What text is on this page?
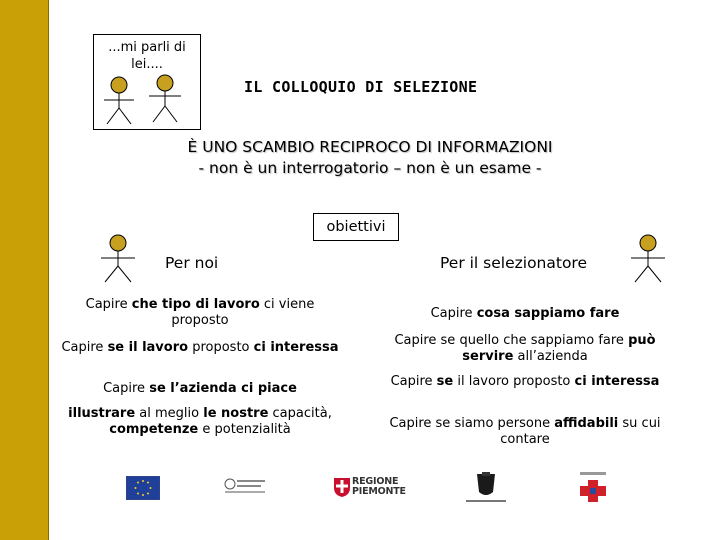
...mi parli di
lei....
IL COLLOQUIO DI SELEZIONE
È UNO SCAMBIO RECIPROCO DI INFORMAZIONI
- non è un interrogatorio – non è un esame -
obiettivi
Per noi	Per il selezionatore
Capire che tipo di lavoro ci viene proposto
Capire se il lavoro proposto ci interessa
Capire se l’azienda ci piace
illustrare al meglio le nostre capacità, competenze e potenzialità
Capire cosa sappiamo fare
Capire se quello che sappiamo fare può servire all’azienda
Capire se il lavoro proposto ci interessa
Capire se siamo persone affidabili su cui contare
REGIONE
PIEMONTE
